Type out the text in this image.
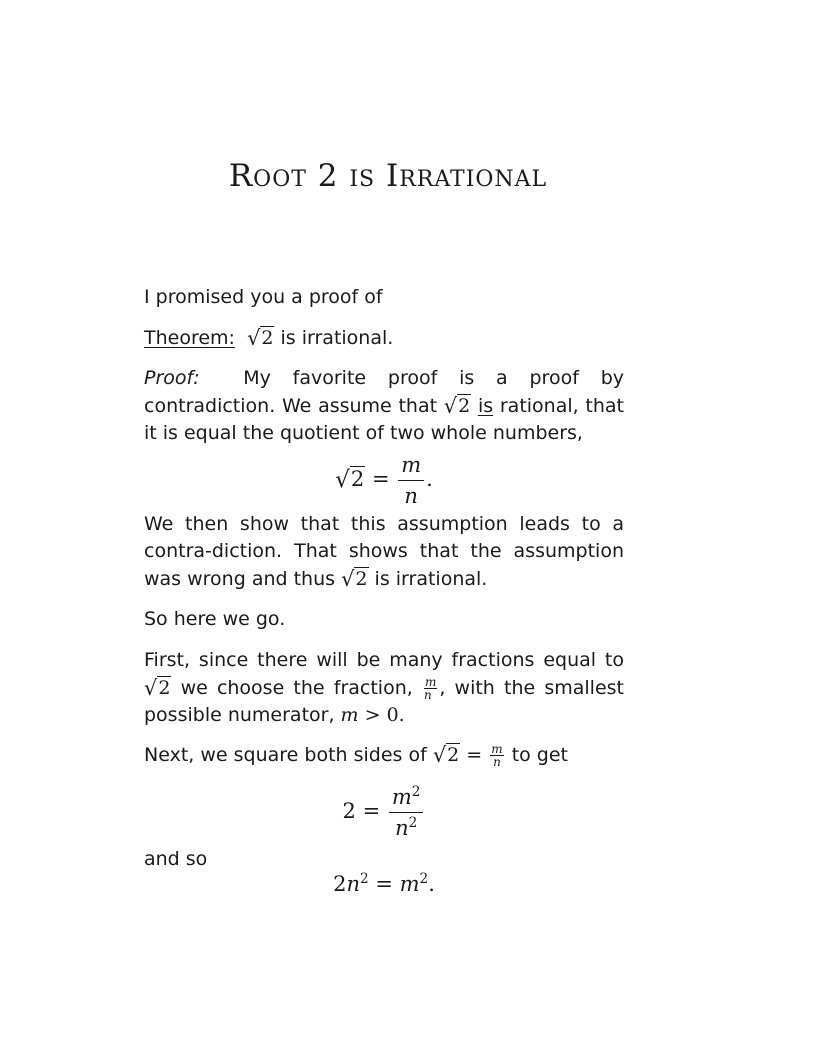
Root 2 is Irrational
I promised you a proof of
Theorem: √2 is irrational.
Proof: My favorite proof is a proof by contradiction. We assume that √2 is rational, that it is equal the quotient of two whole numbers,
$√2 = \frac{m}{n}$ .
We then show that this assumption leads to a contra-diction. That shows that the assumption was wrong and thus √2 is irrational.
So here we go.
First, since there will be many fractions equal to √2 we choose the fraction, $\frac{m}{n}$ , with the smallest possible numerator, m > 0.
Next, we square both sides of $√2 = \frac{m}{n}$ to get
$2 = \frac{m^2}{n^2}$
and so
$2n^2 = m^2$.
